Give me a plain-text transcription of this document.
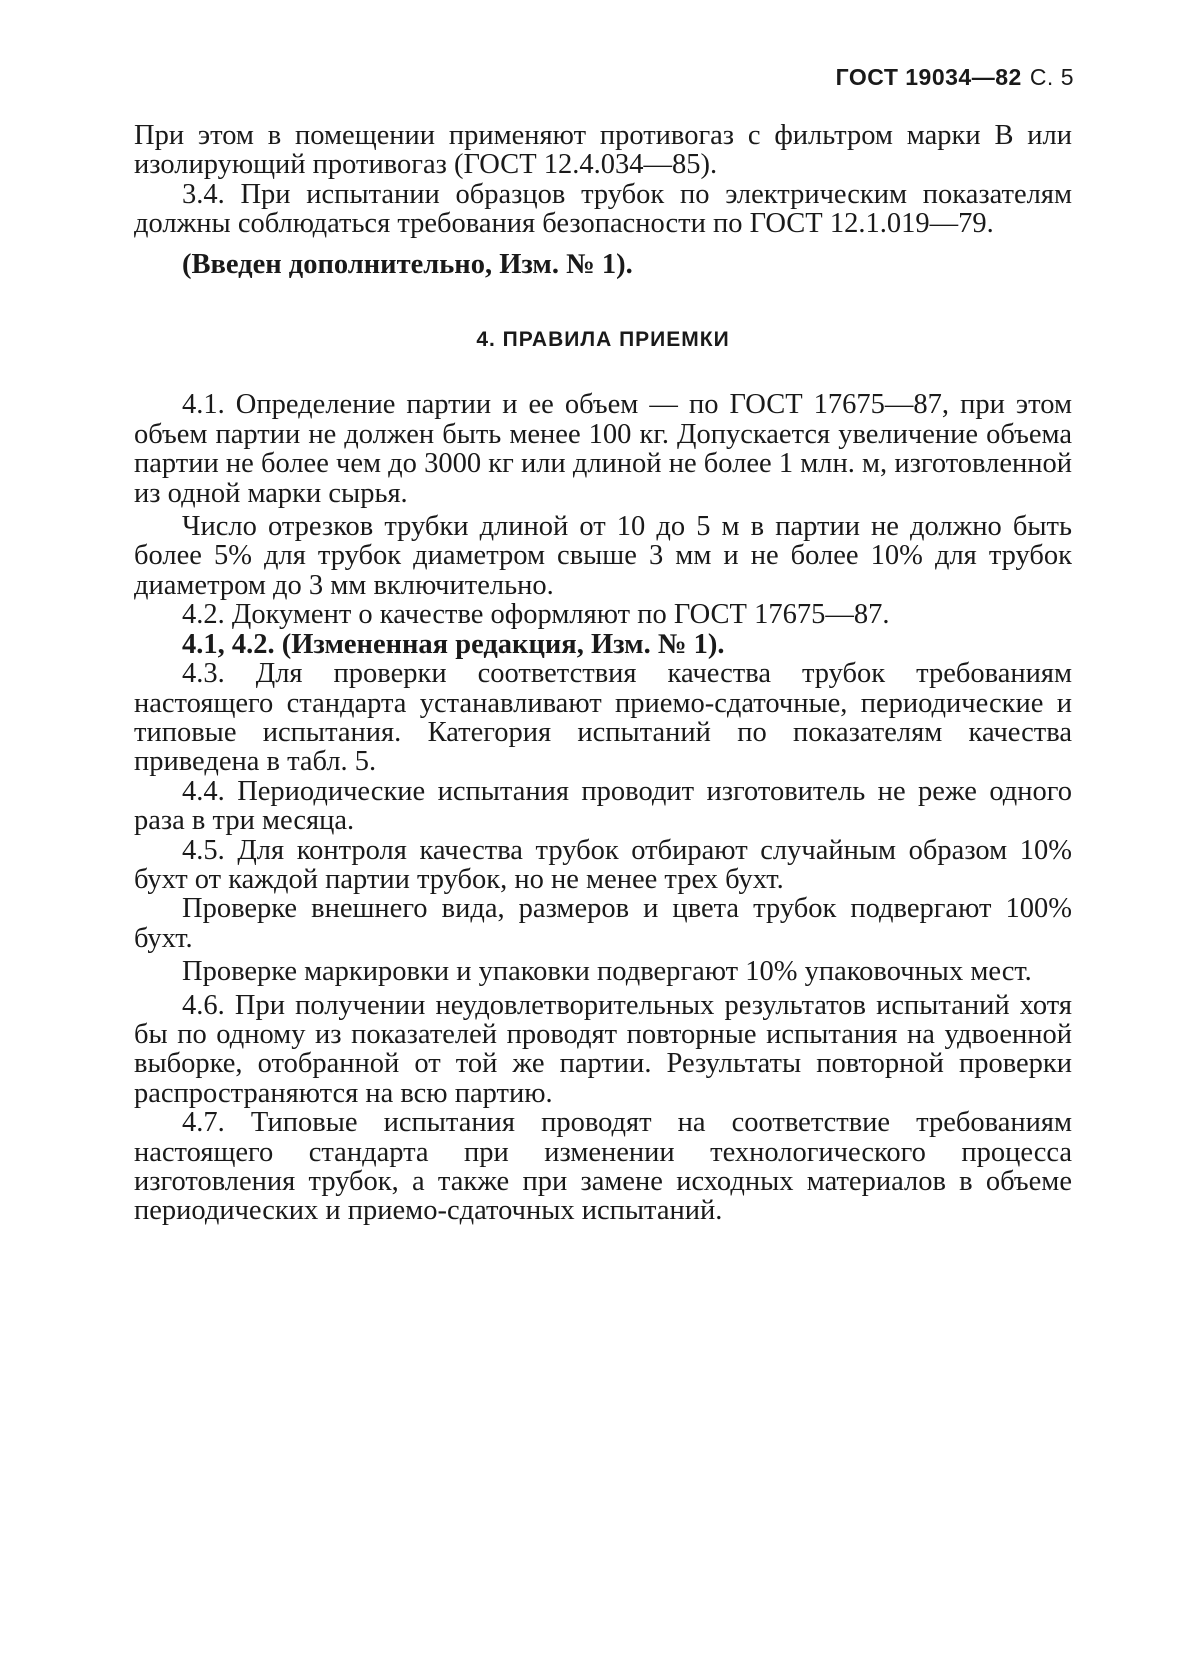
ГОСТ 19034—82 С. 5

При этом в помещении применяют противогаз с фильтром марки В или изолирующий противогаз (ГОСТ 12.4.034—85).

3.4. При испытании образцов трубок по электрическим показателям должны соблюдаться требования безопасности по ГОСТ 12.1.019—79.

(Введен дополнительно, Изм. № 1).

4. ПРАВИЛА ПРИЕМКИ

4.1. Определение партии и ее объем — по ГОСТ 17675—87, при этом объем партии не должен быть менее 100 кг. Допускается увеличение объема партии не более чем до 3000 кг или длиной не более 1 млн. м, изготовленной из одной марки сырья.

Число отрезков трубки длиной от 10 до 5 м в партии не должно быть более 5% для трубок диаметром свыше 3 мм и не более 10% для трубок диаметром до 3 мм включительно.

4.2. Документ о качестве оформляют по ГОСТ 17675—87.

4.1, 4.2. (Измененная редакция, Изм. № 1).

4.3. Для проверки соответствия качества трубок требованиям настоящего стандарта устанавливают приемо-сдаточные, периодические и типовые испытания. Категория испытаний по показателям качества приведена в табл. 5.

4.4. Периодические испытания проводит изготовитель не реже одного раза в три месяца.

4.5. Для контроля качества трубок отбирают случайным образом 10% бухт от каждой партии трубок, но не менее трех бухт.

Проверке внешнего вида, размеров и цвета трубок подвергают 100% бухт.

Проверке маркировки и упаковки подвергают 10% упаковочных мест.

4.6. При получении неудовлетворительных результатов испытаний хотя бы по одному из показателей проводят повторные испытания на удвоенной выборке, отобранной от той же партии. Результаты повторной проверки распространяются на всю партию.

4.7. Типовые испытания проводят на соответствие требованиям настоящего стандарта при изменении технологического процесса изготовления трубок, а также при замене исходных материалов в объеме периодических и приемо-сдаточных испытаний.
